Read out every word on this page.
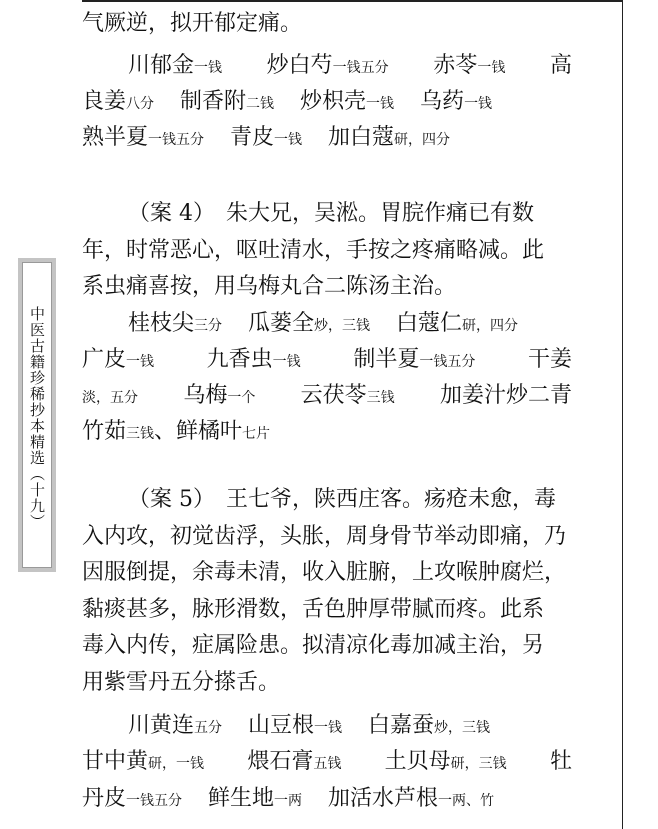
中医古籍珍稀抄本精选（十九）
气厥逆，拟开郁定痛。
川郁金一钱 炒白芍一钱五分 赤苓一钱 高
良姜八分 制香附二钱 炒枳壳一钱 乌药一钱
熟半夏一钱五分 青皮一钱 加白蔻研，四分
（案 4）　朱大兄，吴淞。胃脘作痛已有数
年，时常恶心，呕吐清水，手按之疼痛略减。此
系虫痛喜按，用乌梅丸合二陈汤主治。
桂枝尖三分 瓜蒌全炒，三钱 白蔻仁研，四分
广皮一钱 九香虫一钱 制半夏一钱五分 干姜
淡，五分 乌梅一个 云茯苓三钱 加姜汁炒二青
竹茹三钱 、鲜橘叶七片
（案 5）　王七爷，陕西庄客。疡疮未愈，毒
入内攻，初觉齿浮，头胀，周身骨节举动即痛，乃
因服倒提，余毒未清，收入脏腑，上攻喉肿腐烂，
黏痰甚多，脉形滑数，舌色肿厚带腻而疼。此系
毒入内传，症属险患。拟清凉化毒加减主治，另
用紫雪丹五分搽舌。
川黄连五分 山豆根一钱 白嘉蚕炒，三钱
甘中黄研，一钱 煨石膏五钱 土贝母研，三钱 牡
丹皮一钱五分 鲜生地一两 加活水芦根一两、竹
